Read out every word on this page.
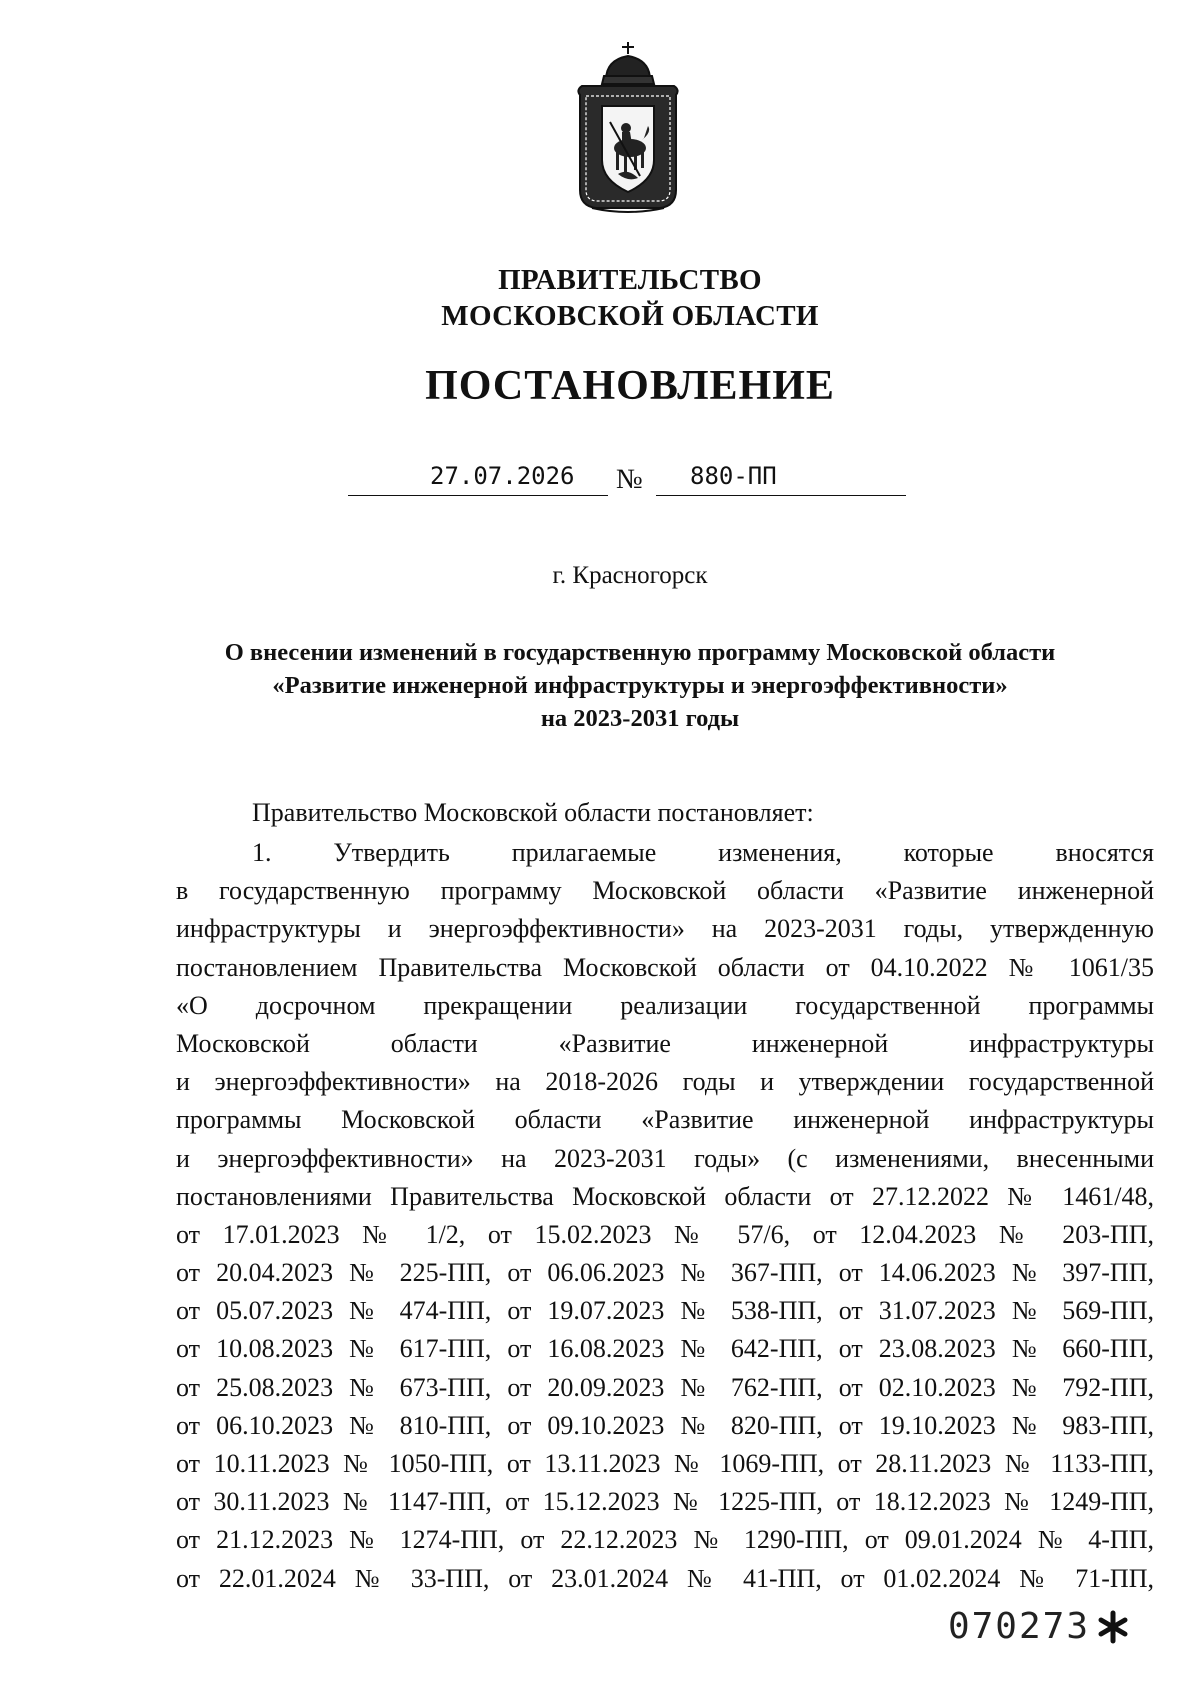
ПРАВИТЕЛЬСТВО
МОСКОВСКОЙ ОБЛАСТИ
ПОСТАНОВЛЕНИЕ
27.07.2026 № 880-ПП
г. Красногорск
О внесении изменений в государственную программу Московской области
«Развитие инженерной инфраструктуры и энергоэффективности»
на 2023-2031 годы
Правительство Московской области постановляет:
1. Утвердить прилагаемые изменения, которые вносятся
в государственную программу Московской области «Развитие инженерной
инфраструктуры и энергоэффективности» на 2023-2031 годы, утвержденную
постановлением Правительства Московской области от 04.10.2022 № 1061/35
«О досрочном прекращении реализации государственной программы
Московской области «Развитие инженерной инфраструктуры
и энергоэффективности» на 2018-2026 годы и утверждении государственной
программы Московской области «Развитие инженерной инфраструктуры
и энергоэффективности» на 2023-2031 годы» (с изменениями, внесенными
постановлениями Правительства Московской области от 27.12.2022 № 1461/48,
от 17.01.2023 № 1/2, от 15.02.2023 № 57/6, от 12.04.2023 № 203-ПП,
от 20.04.2023 № 225-ПП, от 06.06.2023 № 367-ПП, от 14.06.2023 № 397-ПП,
от 05.07.2023 № 474-ПП, от 19.07.2023 № 538-ПП, от 31.07.2023 № 569-ПП,
от 10.08.2023 № 617-ПП, от 16.08.2023 № 642-ПП, от 23.08.2023 № 660-ПП,
от 25.08.2023 № 673-ПП, от 20.09.2023 № 762-ПП, от 02.10.2023 № 792-ПП,
от 06.10.2023 № 810-ПП, от 09.10.2023 № 820-ПП, от 19.10.2023 № 983-ПП,
от 10.11.2023 № 1050-ПП, от 13.11.2023 № 1069-ПП, от 28.11.2023 № 1133-ПП,
от 30.11.2023 № 1147-ПП, от 15.12.2023 № 1225-ПП, от 18.12.2023 № 1249-ПП,
от 21.12.2023 № 1274-ПП, от 22.12.2023 № 1290-ПП, от 09.01.2024 № 4-ПП,
от 22.01.2024 № 33-ПП, от 23.01.2024 № 41-ПП, от 01.02.2024 № 71-ПП,
070273
